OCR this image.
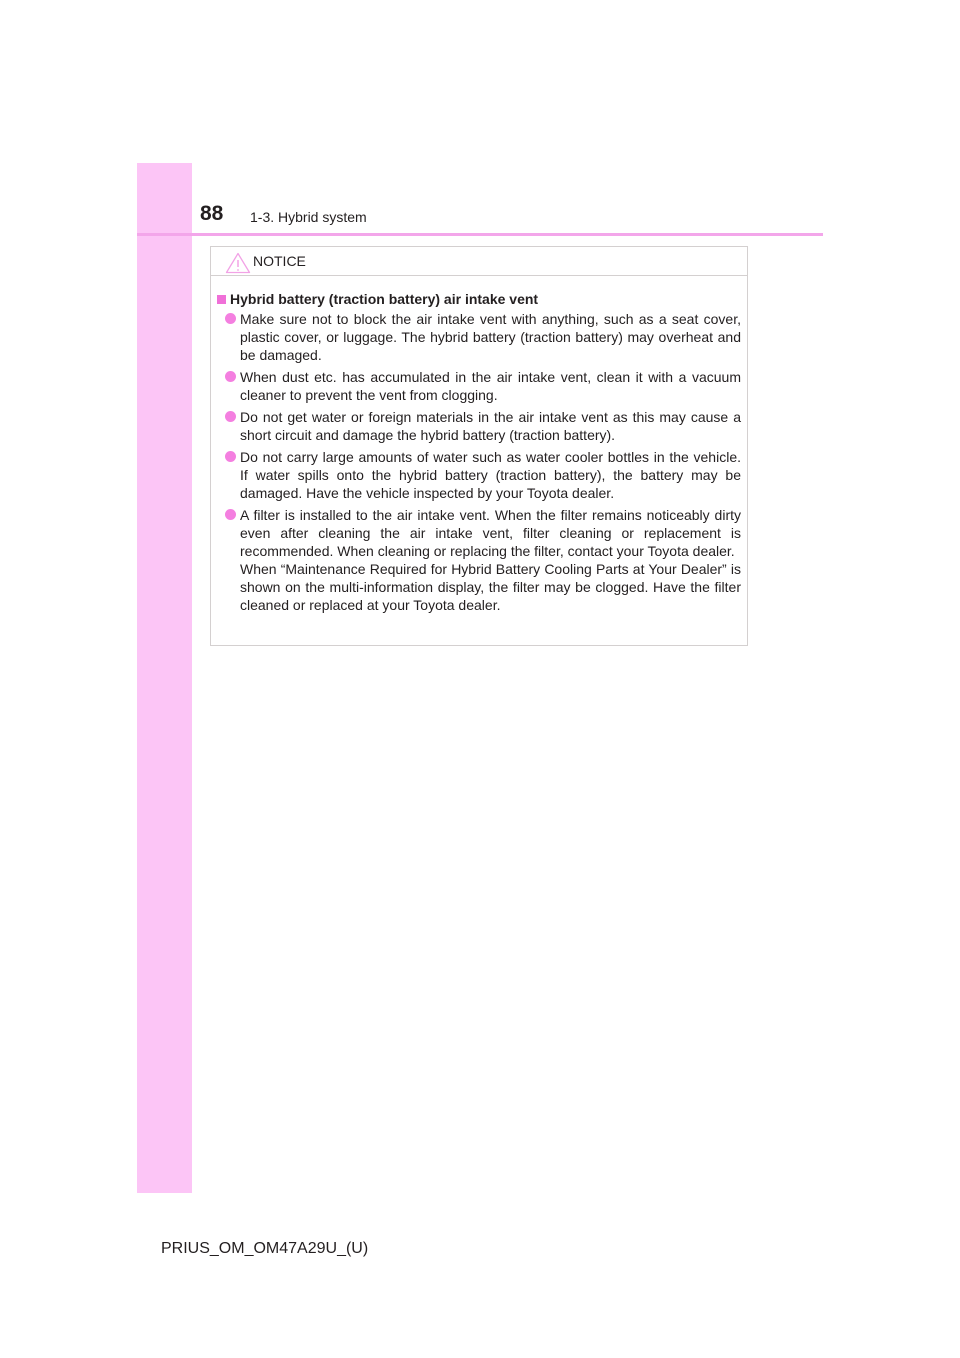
88 1-3. Hybrid system

NOTICE
Hybrid battery (traction battery) air intake vent

Make sure not to block the air intake vent with anything, such as a seat cover, plastic cover, or luggage. The hybrid battery (traction battery) may overheat and be damaged.

When dust etc. has accumulated in the air intake vent, clean it with a vacuum cleaner to prevent the vent from clogging.

Do not get water or foreign materials in the air intake vent as this may cause a short circuit and damage the hybrid battery (traction battery).

Do not carry large amounts of water such as water cooler bottles in the vehicle. If water spills onto the hybrid battery (traction battery), the battery may be damaged. Have the vehicle inspected by your Toyota dealer.

A filter is installed to the air intake vent. When the filter remains noticeably dirty even after cleaning the air intake vent, filter cleaning or replacement is recommended. When cleaning or replacing the filter, contact your Toyota dealer.

When “Maintenance Required for Hybrid Battery Cooling Parts at Your Dealer” is shown on the multi-information display, the filter may be clogged. Have the filter cleaned or replaced at your Toyota dealer.

PRIUS_OM_OM47A29U_(U)
